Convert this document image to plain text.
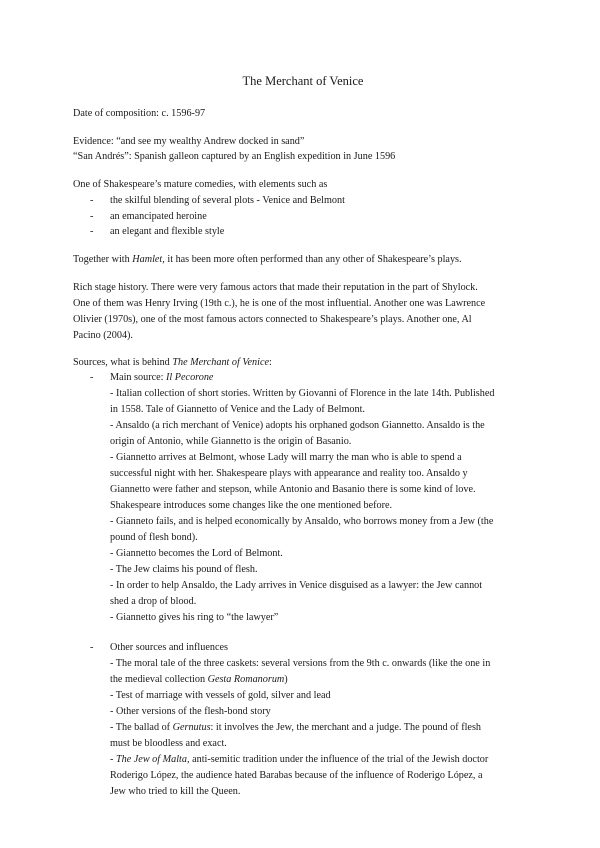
The Merchant of Venice
Date of composition: c. 1596-97
Evidence: “and see my wealthy Andrew docked in sand”
“San Andrés”: Spanish galleon captured by an English expedition in June 1596
One of Shakespeare’s mature comedies, with elements such as
- the skilful blending of several plots - Venice and Belmont
- an emancipated heroine
- an elegant and flexible style
Together with Hamlet, it has been more often performed than any other of Shakespeare’s plays.
Rich stage history. There were very famous actors that made their reputation in the part of Shylock.
One of them was Henry Irving (19th c.), he is one of the most influential. Another one was Lawrence
Olivier (1970s), one of the most famous actors connected to Shakespeare’s plays. Another one, Al
Pacino (2004).
Sources, what is behind The Merchant of Venice:
- Main source: Il Pecorone
- Italian collection of short stories. Written by Giovanni of Florence in the late 14th. Published
in 1558. Tale of Giannetto of Venice and the Lady of Belmont.
- Ansaldo (a rich merchant of Venice) adopts his orphaned godson Giannetto. Ansaldo is the
origin of Antonio, while Giannetto is the origin of Basanio.
- Giannetto arrives at Belmont, whose Lady will marry the man who is able to spend a
successful night with her. Shakespeare plays with appearance and reality too. Ansaldo y
Giannetto were father and stepson, while Antonio and Basanio there is some kind of love.
Shakespeare introduces some changes like the one mentioned before.
- Gianneto fails, and is helped economically by Ansaldo, who borrows money from a Jew (the
pound of flesh bond).
- Giannetto becomes the Lord of Belmont.
- The Jew claims his pound of flesh.
- In order to help Ansaldo, the Lady arrives in Venice disguised as a lawyer: the Jew cannot
shed a drop of blood.
- Giannetto gives his ring to “the lawyer”
- Other sources and influences
- The moral tale of the three caskets: several versions from the 9th c. onwards (like the one in
the medieval collection Gesta Romanorum)
- Test of marriage with vessels of gold, silver and lead
- Other versions of the flesh-bond story
- The ballad of Gernutus: it involves the Jew, the merchant and a judge. The pound of flesh
must be bloodless and exact.
- The Jew of Malta, anti-semitic tradition under the influence of the trial of the Jewish doctor
Roderigo López, the audience hated Barabas because of the influence of Roderigo López, a
Jew who tried to kill the Queen.
